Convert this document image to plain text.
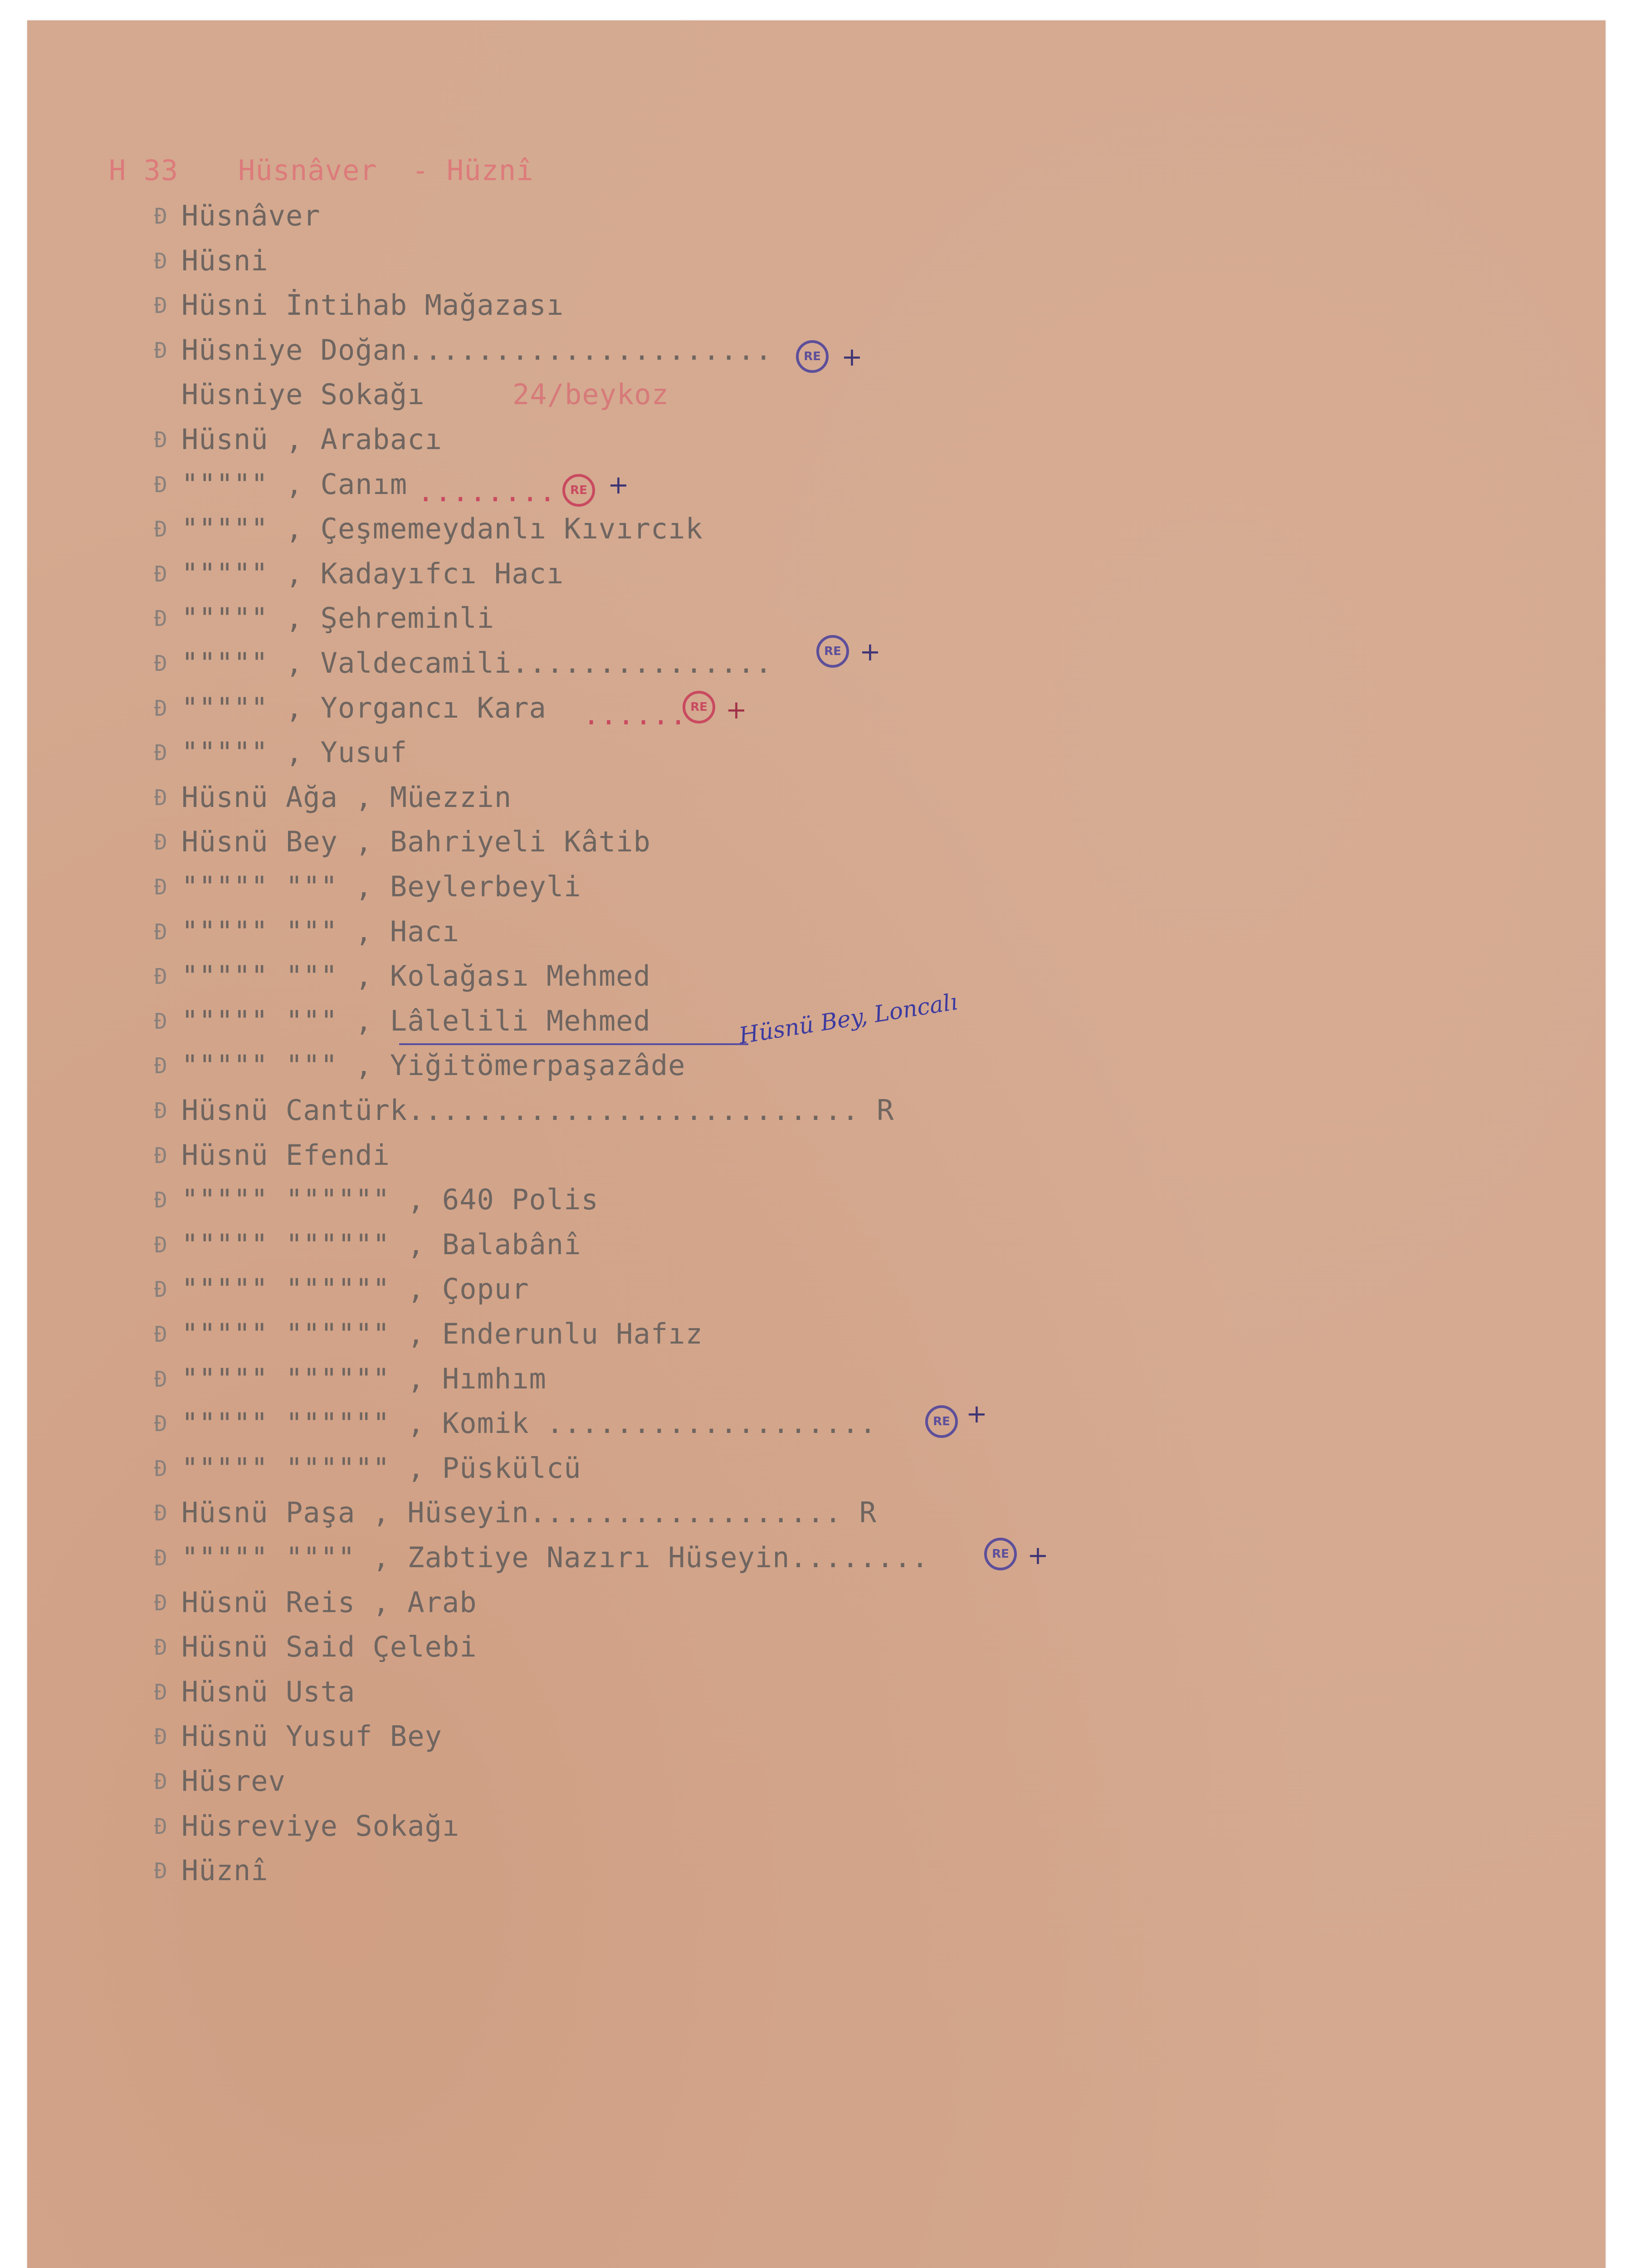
H 33 Hüsnâver  - Hüznî
Ð Hüsnâver
Ð Hüsni
Ð Hüsni İntihab Mağazası
Ð Hüsniye Doğan.....................
Hüsniye Sokağı	24/beykoz
Ð Hüsnü , Arabacı
Ð """"" , Canım
Ð """"" , Çeşmemeydanlı Kıvırcık
Ð """"" , Kadayıfcı Hacı
Ð """"" , Şehreminli
Ð """"" , Valdecamili...............
Ð """"" , Yorgancı Kara
Ð """"" , Yusuf
Ð Hüsnü Ağa , Müezzin
Ð Hüsnü Bey , Bahriyeli Kâtib
Ð """"" """ , Beylerbeyli
Ð """"" """ , Hacı
Ð """"" """ , Kolağası Mehmed
Ð """"" """ , Lâlelili Mehmed
Ð """"" """ , Yiğitömerpaşazâde
Ð Hüsnü Cantürk.......................... R
Ð Hüsnü Efendi
Ð """"" """""" , 640 Polis
Ð """"" """""" , Balabânî
Ð """"" """""" , Çopur
Ð """"" """""" , Enderunlu Hafız
Ð """"" """""" , Hımhım
Ð """"" """""" , Komik ...................
Ð """"" """""" , Püskülcü
Ð Hüsnü Paşa , Hüseyin.................. R
Ð """"" """" , Zabtiye Nazırı Hüseyin........
Ð Hüsnü Reis , Arab
Ð Hüsnü Said Çelebi
Ð Hüsnü Usta
Ð Hüsnü Yusuf Bey
Ð Hüsrev
Ð Hüsreviye Sokağı
Ð Hüznî
RE +
........	RE +
RE +
...... RE +
Hüsnü Bey, Loncalı
RE +
RE +
